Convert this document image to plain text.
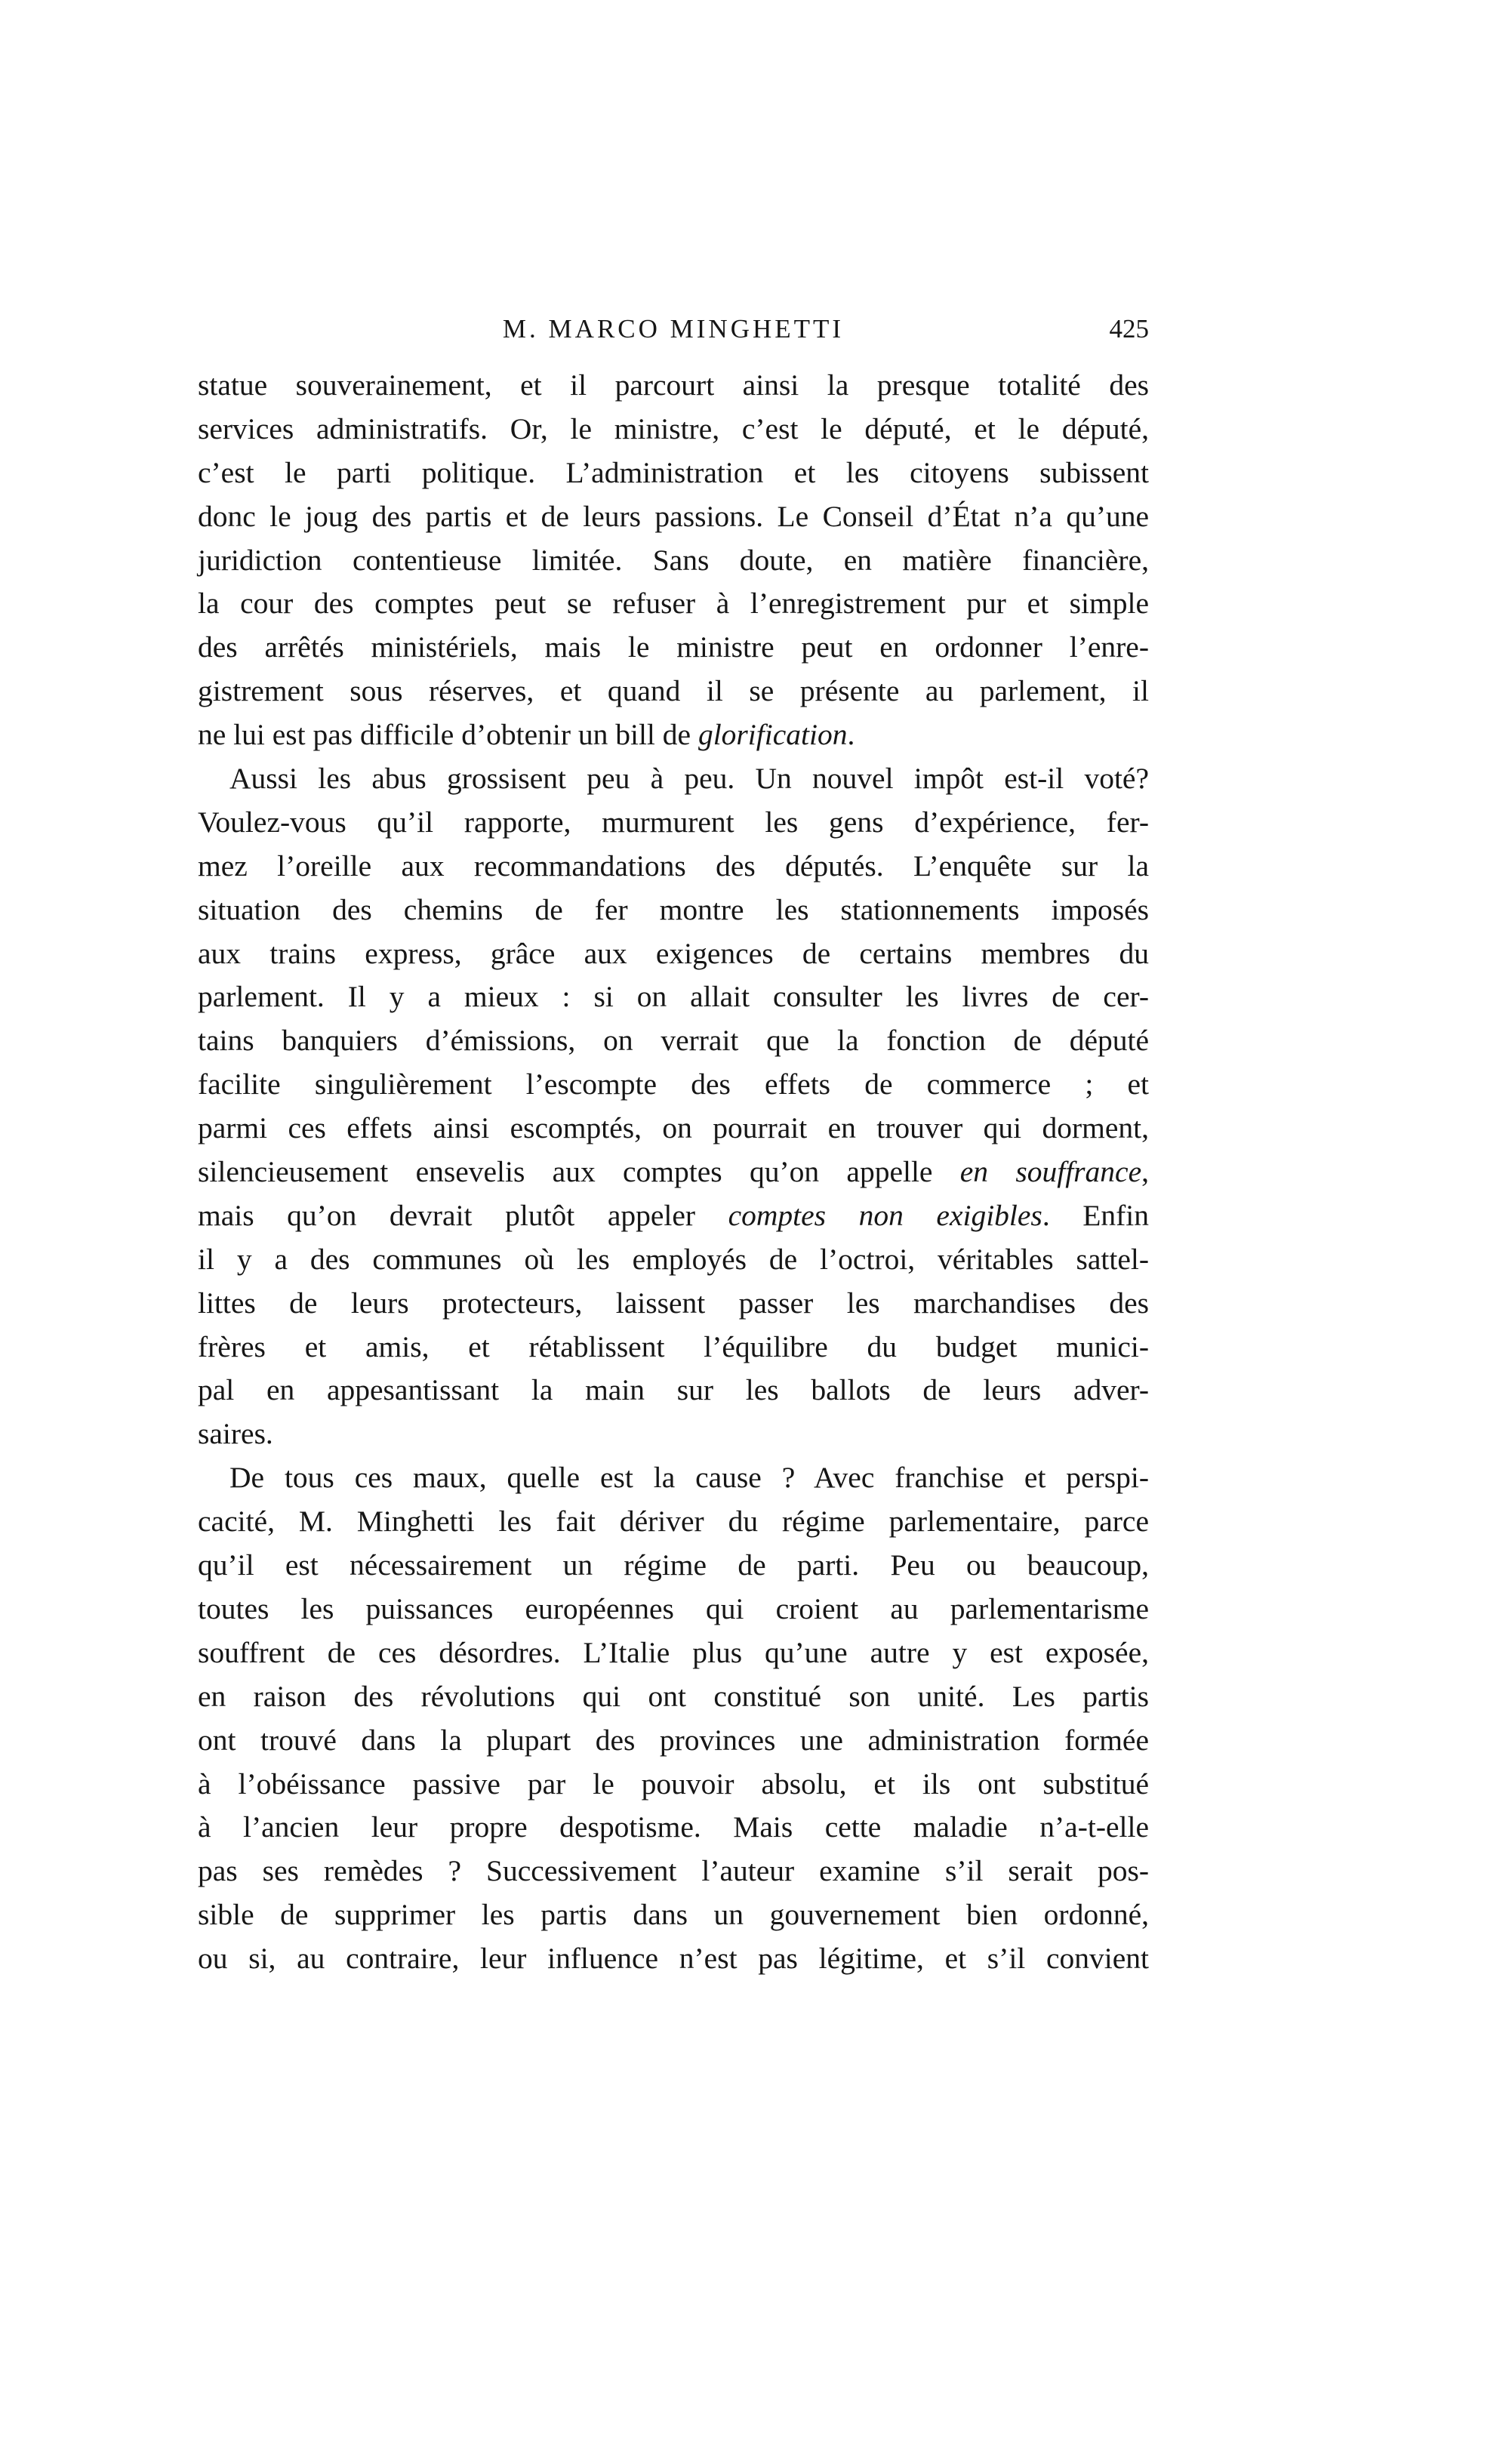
M. MARCO MINGHETTI	425
statue souverainement, et il parcourt ainsi la presque totalité des
services administratifs. Or, le ministre, c’est le député, et le député,
c’est le parti politique. L’administration et les citoyens subissent
donc le joug des partis et de leurs passions. Le Conseil d’État n’a qu’une
juridiction contentieuse limitée. Sans doute, en matière financière,
la cour des comptes peut se refuser à l’enregistrement pur et simple
des arrêtés ministériels, mais le ministre peut en ordonner l’enre-
gistrement sous réserves, et quand il se présente au parlement, il
ne lui est pas difficile d’obtenir un bill de glorification.
Aussi les abus grossisent peu à peu. Un nouvel impôt est-il voté?
Voulez-vous qu’il rapporte, murmurent les gens d’expérience, fer-
mez l’oreille aux recommandations des députés. L’enquête sur la
situation des chemins de fer montre les stationnements imposés
aux trains express, grâce aux exigences de certains membres du
parlement. Il y a mieux : si on allait consulter les livres de cer-
tains banquiers d’émissions, on verrait que la fonction de député
facilite singulièrement l’escompte des effets de commerce ; et
parmi ces effets ainsi escomptés, on pourrait en trouver qui dorment,
silencieusement ensevelis aux comptes qu’on appelle en souffrance,
mais qu’on devrait plutôt appeler comptes non exigibles. Enfin
il y a des communes où les employés de l’octroi, véritables sattel-
littes de leurs protecteurs, laissent passer les marchandises des
frères et amis, et rétablissent l’équilibre du budget munici-
pal en appesantissant la main sur les ballots de leurs adver-
saires.
De tous ces maux, quelle est la cause ? Avec franchise et perspi-
cacité, M. Minghetti les fait dériver du régime parlementaire, parce
qu’il est nécessairement un régime de parti. Peu ou beaucoup,
toutes les puissances européennes qui croient au parlementarisme
souffrent de ces désordres. L’Italie plus qu’une autre y est exposée,
en raison des révolutions qui ont constitué son unité. Les partis
ont trouvé dans la plupart des provinces une administration formée
à l’obéissance passive par le pouvoir absolu, et ils ont substitué
à l’ancien leur propre despotisme. Mais cette maladie n’a-t-elle
pas ses remèdes ? Successivement l’auteur examine s’il serait pos-
sible de supprimer les partis dans un gouvernement bien ordonné,
ou si, au contraire, leur influence n’est pas légitime, et s’il convient
